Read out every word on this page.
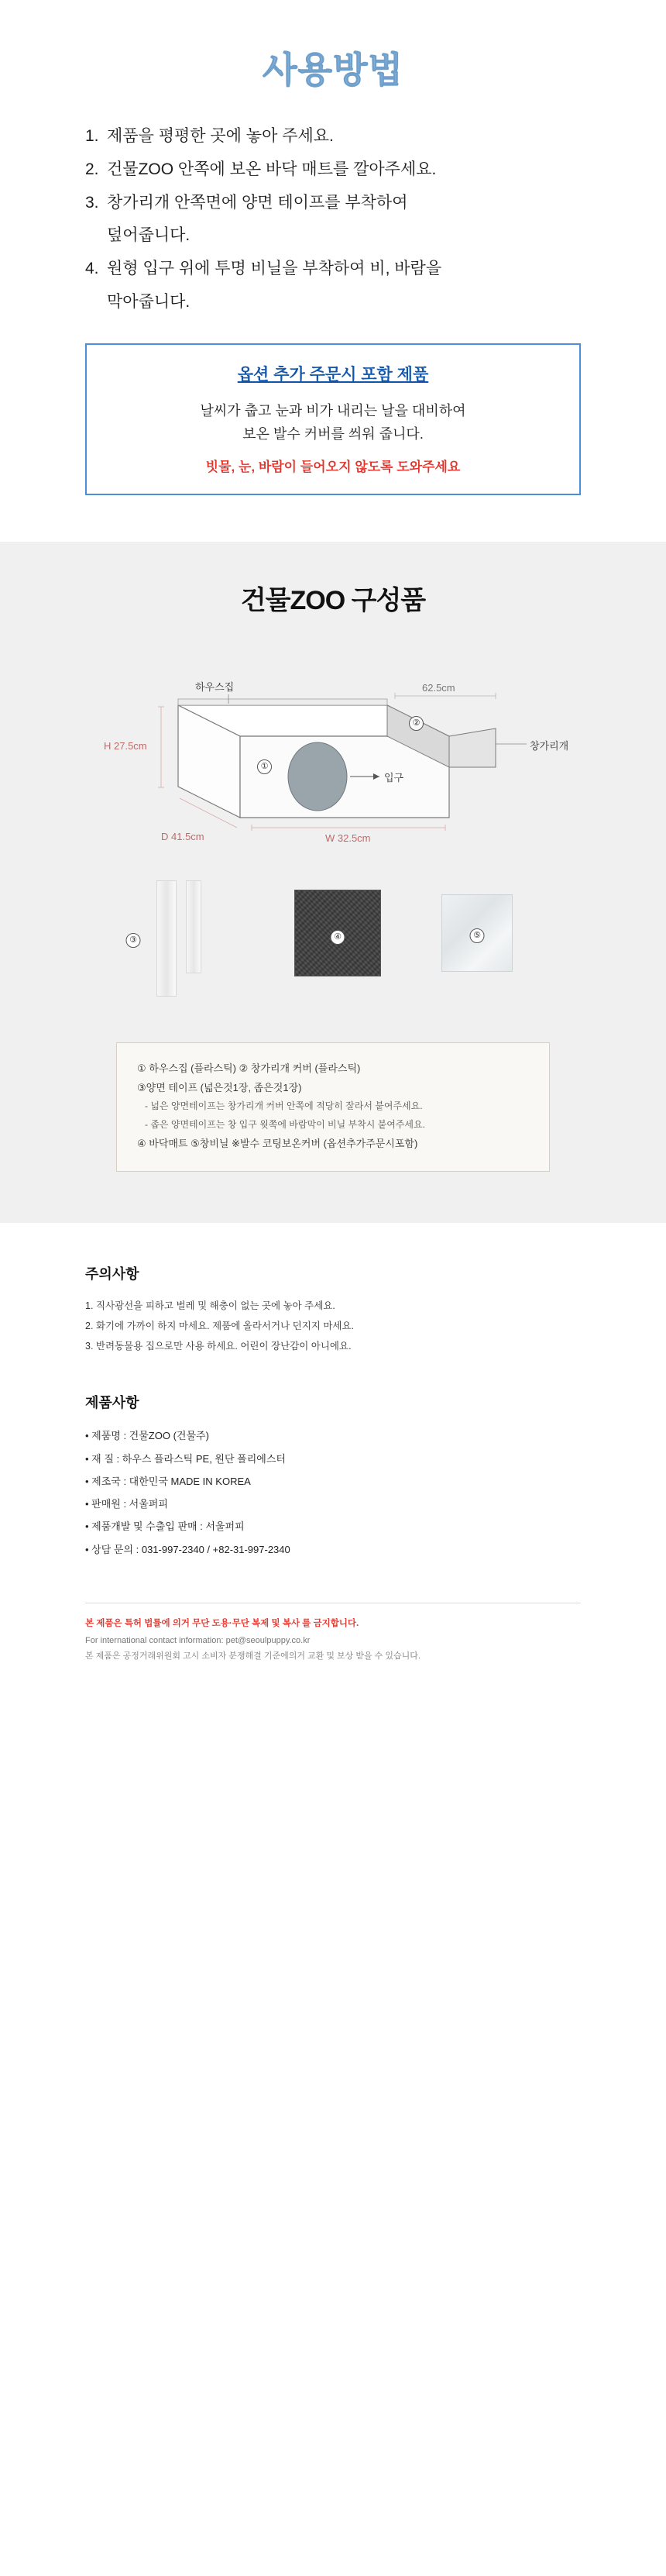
사용방법
1. 제품을 평평한 곳에 놓아 주세요.
2. 건물ZOO 안쪽에 보온 바닥 매트를 깔아주세요.
3. 창가리개 안쪽면에 양면 테이프를 부착하여
덮어줍니다.
4. 원형 입구 위에 투명 비닐을 부착하여 비, 바람을
막아줍니다.
옵션 추가 주문시 포함 제품
날씨가 춥고 눈과 비가 내리는 날을 대비하여
보온 발수 커버를 씌워 줍니다.
빗물, 눈, 바람이 들어오지 않도록 도와주세요
건물ZOO 구성품
하우스집	62.5cm
창가리개
H 27.5cm
입구
D 41.5cm	W 32.5cm
①
②
③	④	⑤
① 하우스집 (플라스틱) ② 창가리개 커버 (플라스틱)
③양면 테이프 (넓은것1장, 좁은것1장)
- 넒은 양면테이프는 창가리개 커버 안쪽에 적당히 잘라서 붙여주세요.
- 좁은 양면테이프는 창 입구 윗쪽에 바람막이 비닐 부착시 붙여주세요.
④ 바닥매트 ⑤창비닐 ※발수 코팅보온커버 (옵션추가주문시포함)
주의사항
1. 직사광선을 피하고 벌레 및 해충이 없는 곳에 놓아 주세요.
2. 화기에 가까이 하지 마세요. 제품에 올라서거나 던지지 마세요.
3. 반려동물용 집으로만 사용 하세요. 어린이 장난감이 아니에요.
제품사항
• 제품명 : 건물ZOO (건물주)
• 재 질 : 하우스 플라스틱 PE, 원단 폴리에스터
• 제조국 : 대한민국 MADE IN KOREA
• 판매원 : 서울퍼피
• 제품개발 및 수출입 판매 : 서울퍼피
• 상담 문의 : 031-997-2340 / +82-31-997-2340
본 제품은 특허 법률에 의거 무단 도용·무단 복제 및 복사 를 금지합니다.
For international contact information: pet@seoulpuppy.co.kr
본 제품은 공정거래위원회 고시 소비자 분쟁해결 기준에의거 교환 및 보상 받을 수 있습니다.
